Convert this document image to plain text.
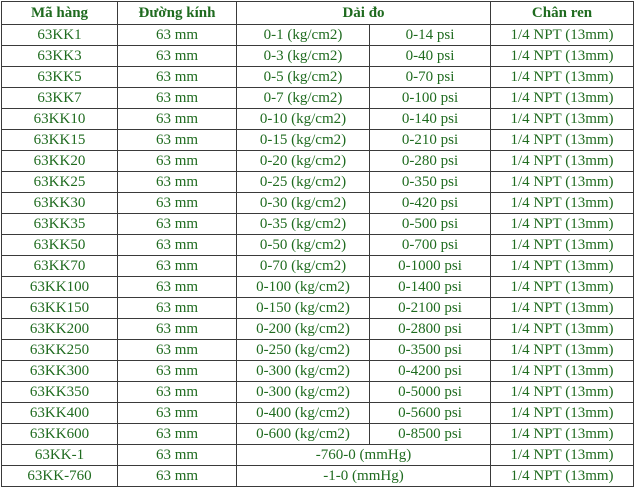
Mã hàng	Đường kính	Dải đo		Chân ren
63KK1	63 mm	0-1 (kg/cm2)	0-14 psi	1/4 NPT (13mm)
63KK3	63 mm	0-3 (kg/cm2)	0-40 psi	1/4 NPT (13mm)
63KK5	63 mm	0-5 (kg/cm2)	0-70 psi	1/4 NPT (13mm)
63KK7	63 mm	0-7 (kg/cm2)	0-100 psi	1/4 NPT (13mm)
63KK10	63 mm	0-10 (kg/cm2)	0-140 psi	1/4 NPT (13mm)
63KK15	63 mm	0-15 (kg/cm2)	0-210 psi	1/4 NPT (13mm)
63KK20	63 mm	0-20 (kg/cm2)	0-280 psi	1/4 NPT (13mm)
63KK25	63 mm	0-25 (kg/cm2)	0-350 psi	1/4 NPT (13mm)
63KK30	63 mm	0-30 (kg/cm2)	0-420 psi	1/4 NPT (13mm)
63KK35	63 mm	0-35 (kg/cm2)	0-500 psi	1/4 NPT (13mm)
63KK50	63 mm	0-50 (kg/cm2)	0-700 psi	1/4 NPT (13mm)
63KK70	63 mm	0-70 (kg/cm2)	0-1000 psi	1/4 NPT (13mm)
63KK100	63 mm	0-100 (kg/cm2)	0-1400 psi	1/4 NPT (13mm)
63KK150	63 mm	0-150 (kg/cm2)	0-2100 psi	1/4 NPT (13mm)
63KK200	63 mm	0-200 (kg/cm2)	0-2800 psi	1/4 NPT (13mm)
63KK250	63 mm	0-250 (kg/cm2)	0-3500 psi	1/4 NPT (13mm)
63KK300	63 mm	0-300 (kg/cm2)	0-4200 psi	1/4 NPT (13mm)
63KK350	63 mm	0-300 (kg/cm2)	0-5000 psi	1/4 NPT (13mm)
63KK400	63 mm	0-400 (kg/cm2)	0-5600 psi	1/4 NPT (13mm)
63KK600	63 mm	0-600 (kg/cm2)	0-8500 psi	1/4 NPT (13mm)
63KK-1	63 mm	-760-0 (mmHg)		1/4 NPT (13mm)
63KK-760	63 mm	-1-0 (mmHg)		1/4 NPT (13mm)
